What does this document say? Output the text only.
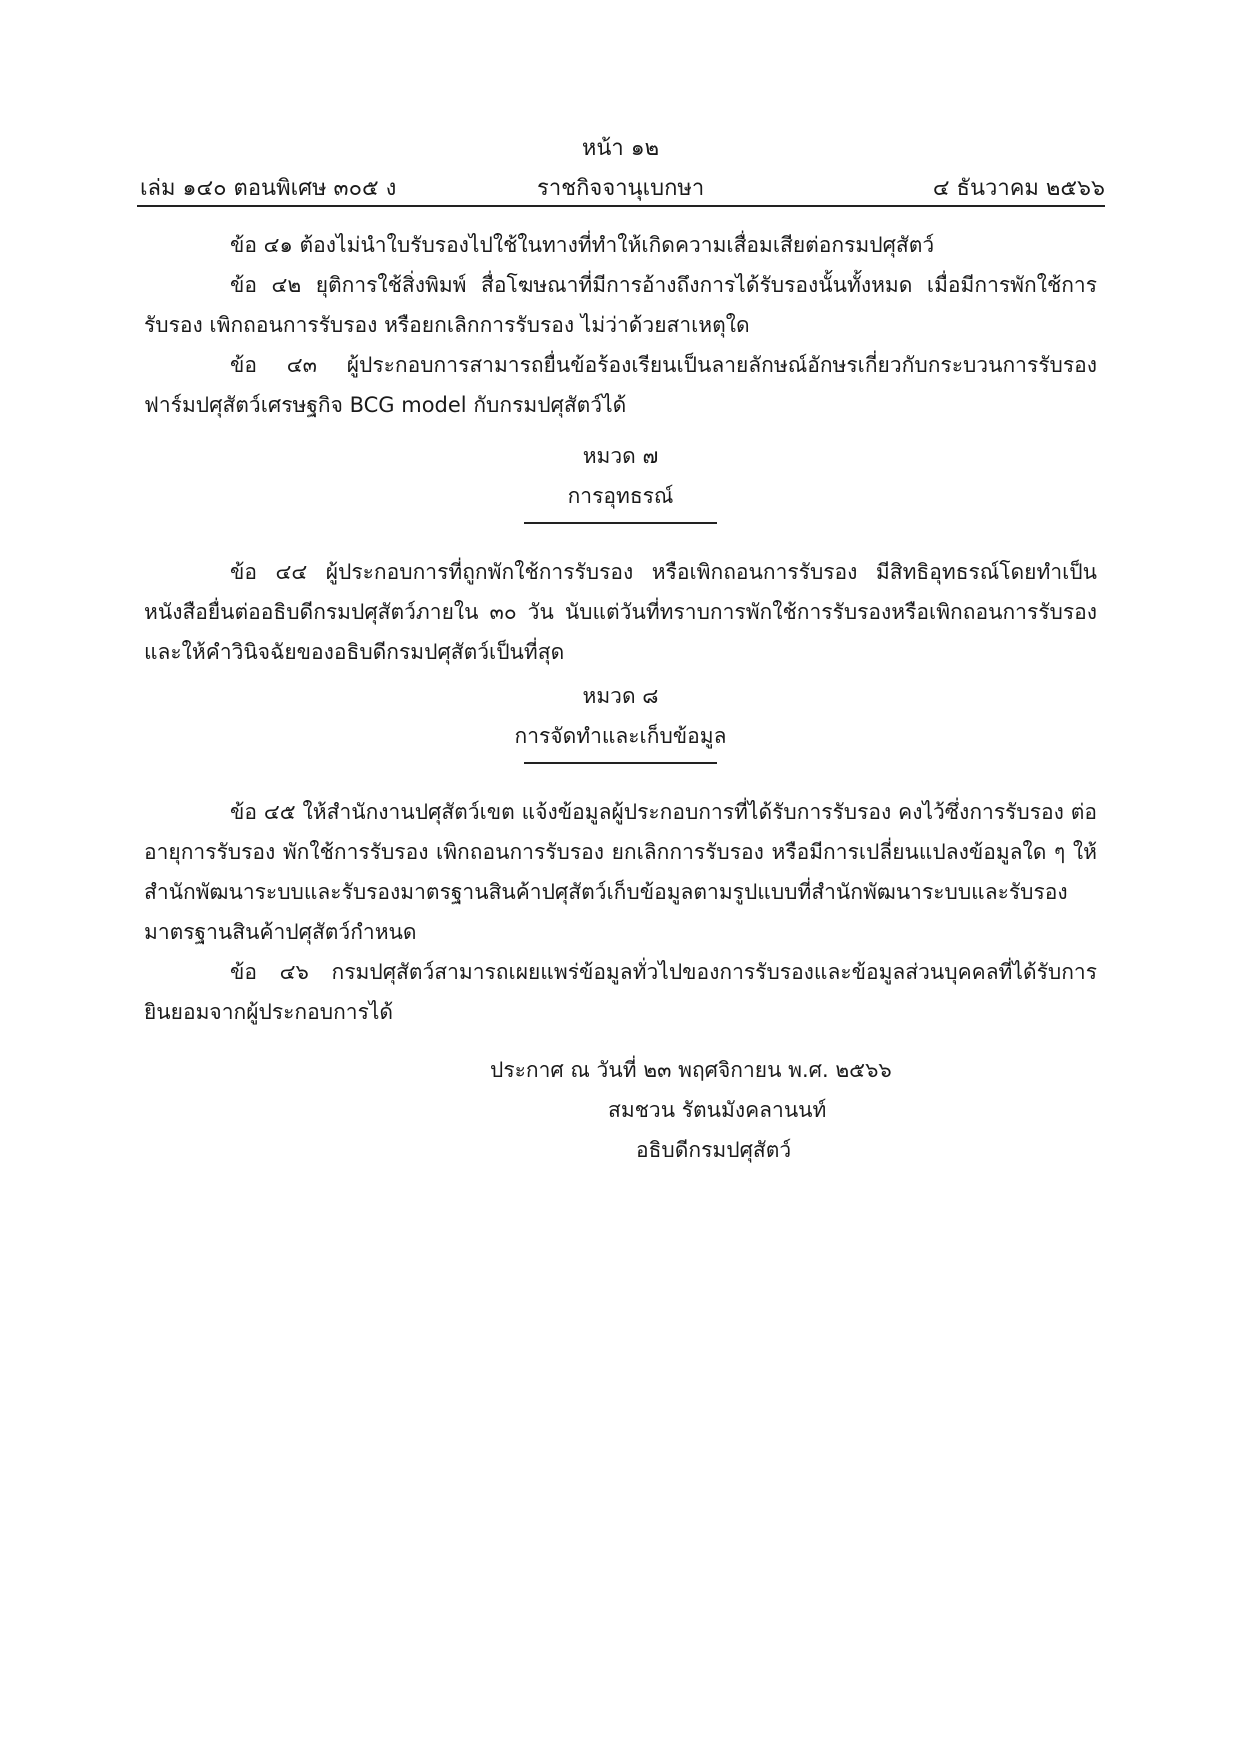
หน้า ๑๒
เล่ม ๑๔๐ ตอนพิเศษ ๓๐๕ ง	ราชกิจจานุเบกษา	๔ ธันวาคม ๒๕๖๖

ข้อ ๔๑ ต้องไม่นำใบรับรองไปใช้ในทางที่ทำให้เกิดความเสื่อมเสียต่อกรมปศุสัตว์

ข้อ ๔๒ ยุติการใช้สิ่งพิมพ์ สื่อโฆษณาที่มีการอ้างถึงการได้รับรองนั้นทั้งหมด เมื่อมีการพักใช้การรับรอง เพิกถอนการรับรอง หรือยกเลิกการรับรอง ไม่ว่าด้วยสาเหตุใด

ข้อ ๔๓ ผู้ประกอบการสามารถยื่นข้อร้องเรียนเป็นลายลักษณ์อักษรเกี่ยวกับกระบวนการรับรองฟาร์มปศุสัตว์เศรษฐกิจ BCG model กับกรมปศุสัตว์ได้

หมวด ๗
การอุทธรณ์

ข้อ ๔๔ ผู้ประกอบการที่ถูกพักใช้การรับรอง หรือเพิกถอนการรับรอง มีสิทธิอุทธรณ์โดยทำเป็นหนังสือยื่นต่ออธิบดีกรมปศุสัตว์ภายใน ๓๐ วัน นับแต่วันที่ทราบการพักใช้การรับรองหรือเพิกถอนการรับรอง และให้คำวินิจฉัยของอธิบดีกรมปศุสัตว์เป็นที่สุด

หมวด ๘
การจัดทำและเก็บข้อมูล

ข้อ ๔๕ ให้สำนักงานปศุสัตว์เขต แจ้งข้อมูลผู้ประกอบการที่ได้รับการรับรอง คงไว้ซึ่งการรับรอง ต่ออายุการรับรอง พักใช้การรับรอง เพิกถอนการรับรอง ยกเลิกการรับรอง หรือมีการเปลี่ยนแปลงข้อมูลใด ๆ ให้สำนักพัฒนาระบบและรับรองมาตรฐานสินค้าปศุสัตว์เก็บข้อมูลตามรูปแบบที่สำนักพัฒนาระบบและรับรองมาตรฐานสินค้าปศุสัตว์กำหนด

ข้อ ๔๖ กรมปศุสัตว์สามารถเผยแพร่ข้อมูลทั่วไปของการรับรองและข้อมูลส่วนบุคคลที่ได้รับการยินยอมจากผู้ประกอบการได้

ประกาศ ณ วันที่ ๒๓ พฤศจิกายน พ.ศ. ๒๕๖๖
สมชวน รัตนมังคลานนท์
อธิบดีกรมปศุสัตว์
